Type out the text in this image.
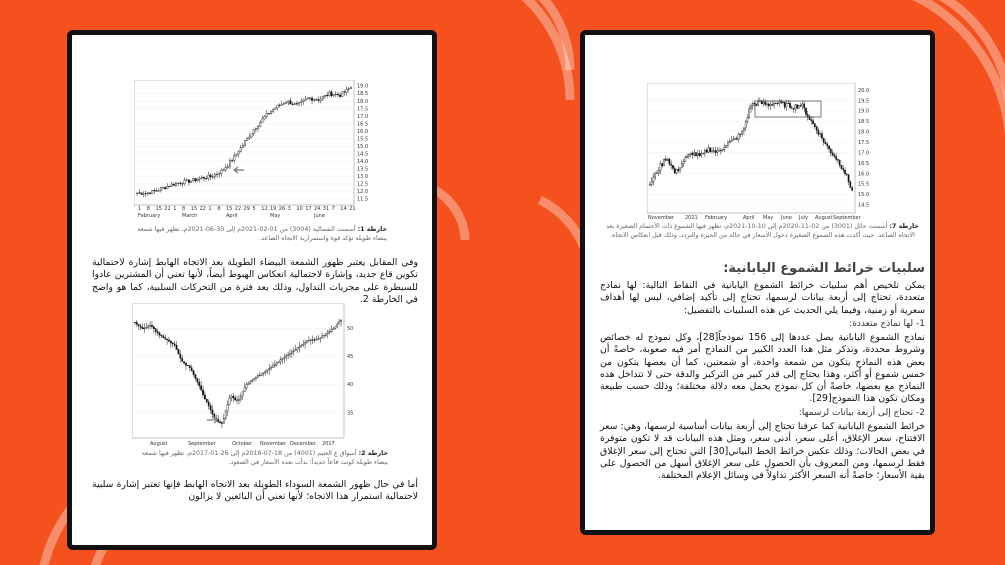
19.0
18.5
18.0
17.5
17.0
16.5
16.0
15.5
15.0
14.5
14.0
13.5
13.0
12.5
12.0
11.5
1 8 15 22 1 8 15 22 1 8 15 22 29 5 12 19 26 3 10 17 24 31 7 14 21
February	March	April	May	June
خارطة 1: أسمنت الشمالية (3004) من 01-02-2021م إلى 30-06-2021م، تظهر فيها شمعة بيضاء طويلة تؤكد قوة واستمرارية الاتجاه الصاعد.
وفي المقابل يعتبر ظهور الشمعة البيضاء الطويلة بعد الاتجاه الهابط إشارة لاحتمالية تكوين قاع جديد، وإشارة لاحتمالية انعكاس الهبوط أيضاً، لأنها تعني أن المشترين عادوا للسيطرة على مجريات التداول، وذلك بعد فترة من التحركات السلبية، كما هو واضح في الخارطة 2.
50
45
40
35
August	September	October November December 2017
خارطة 2: أسواق ع العثيم (4001) من 18-07-2016م إلى 26-01-2017م، تظهر فيها شمعة بيضاء طويلة كونت قاعاً جديداً؛ بدأت بعده الأسعار في الصعود.
أما في حال ظهور الشمعة السوداء الطويلة بعد الاتجاه الهابط فإنها تعتبر إشارة سلبية لاحتمالية استمرار هذا الاتجاه؛ لأنها تعني أن البائعين لا يزالون
20.0
19.5
19.0
18.5
18.0
17.5
17.0
16.5
16.0
15.5
15.0
14.5
November 2021 February	April May June July August September
خارطة 7: أسمنت حائل (3001) من 02-11-2020م إلى 10-10-2021م، تظهر فيها الشموع ذات الأجسام الصغيرة بعد الاتجاه الصاعد. حيث أكدت هذه الشموع الصغيرة دخول الأسعار في حالة من الحيرة والتردد، وذلك قبل انعكاس الاتجاه.
سلبيات خرائط الشموع اليابانية:
يمكن تلخيص أهم سلبيات خرائط الشموع اليابانية في النقاط التالية: لها نماذج متعددة، تحتاج إلى أربعة بيانات لرسمها، تحتاج إلى تأكيد إضافي، ليس لها أهداف سعرية أو زمنية، وفيما يلي الحديث عن هذه السلبيات بالتفصيل:
1- لها نماذج متعددة:
نماذج الشموع اليابانية يصل عددها إلى 156 نموذجاً[28]، وكل نموذج له خصائص وشروط محددة، وتذكر مثل هذا العدد الكبير من النماذج أمر فيه صعوبة، خاصةً أن بعض هذه النماذج يتكون من شمعة واحدة، أو شمعتين، كما أن بعضها يتكون من خمس شموع أو أكثر، وهذا يحتاج إلى قدر كبير من التركيز والدقة حتى لا تتداخل هذه النماذج مع بعضها، خاصةً أن كل نموذج يحمل معه دلالة مختلفة؛ وذلك حسب طبيعة ومكان تكون هذا النموذج[29].
2- تحتاج إلى أربعة بيانات لرسمها:
خرائط الشموع اليابانية كما عرفنا تحتاج إلى أربعة بيانات أساسية لرسمها، وهي: سعر الافتتاح، سعر الإغلاق، أعلى سعر، أدنى سعر، ومثل هذه البيانات قد لا تكون متوفرة في بعض الحالات؛ وذلك عكس خرائط الخط البياني[30] التي تحتاج إلى سعر الإغلاق فقط لرسمها، ومن المعروف بأن الحصول على سعر الإغلاق أسهل من الحصول على بقية الأسعار؛ خاصةً أنه السعر الأكثر تداولاً في وسائل الإعلام المختلفة.
